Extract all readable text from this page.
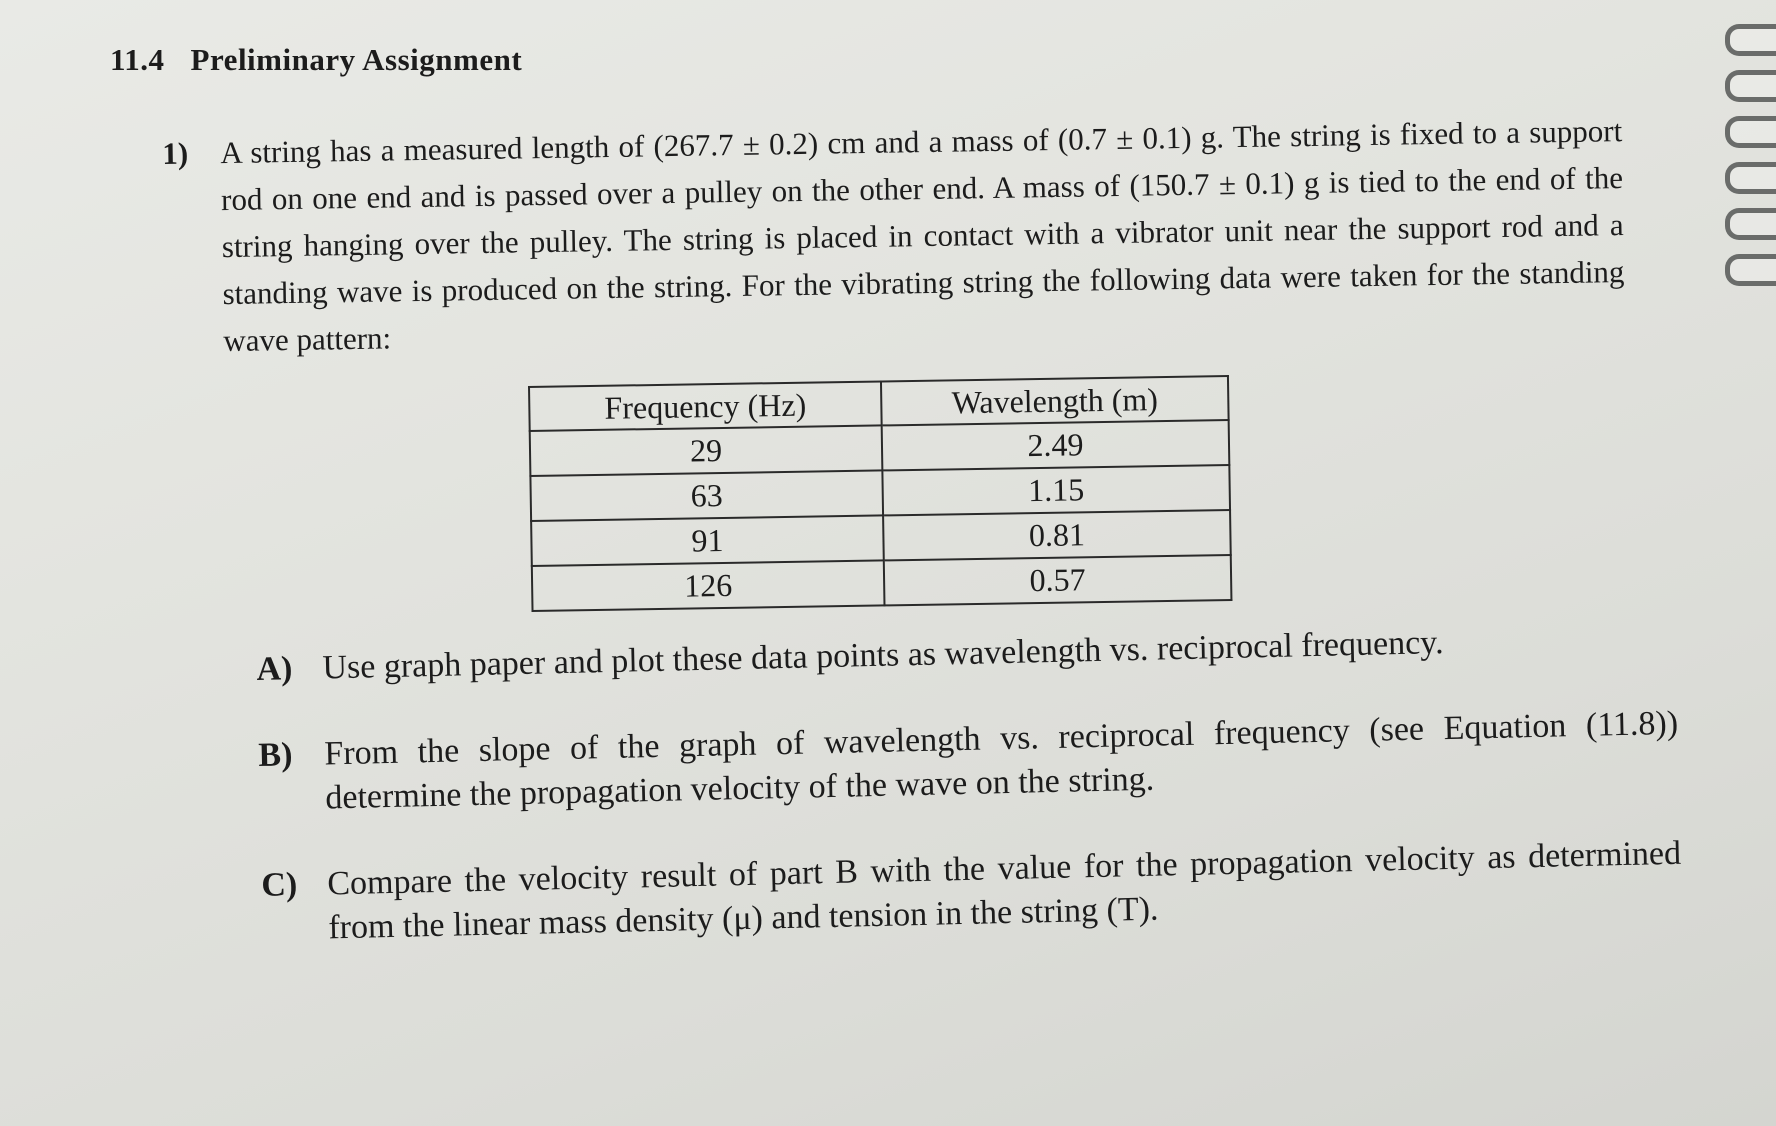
11.4 Preliminary Assignment
1) A string has a measured length of (267.7 ± 0.2) cm and a mass of (0.7 ± 0.1) g. The string is fixed to a support rod on one end and is passed over a pulley on the other end. A mass of (150.7 ± 0.1) g is tied to the end of the string hanging over the pulley. The string is placed in contact with a vibrator unit near the support rod and a standing wave is produced on the string. For the vibrating string the following data were taken for the standing wave pattern:
Frequency (Hz)	Wavelength (m)
29	2.49
63	1.15
91	0.81
126	0.57
A) Use graph paper and plot these data points as wavelength vs. reciprocal frequency.
B) From the slope of the graph of wavelength vs. reciprocal frequency (see Equation (11.8)) determine the propagation velocity of the wave on the string.
C) Compare the velocity result of part B with the value for the propagation velocity as determined from the linear mass density (μ) and tension in the string (T).
